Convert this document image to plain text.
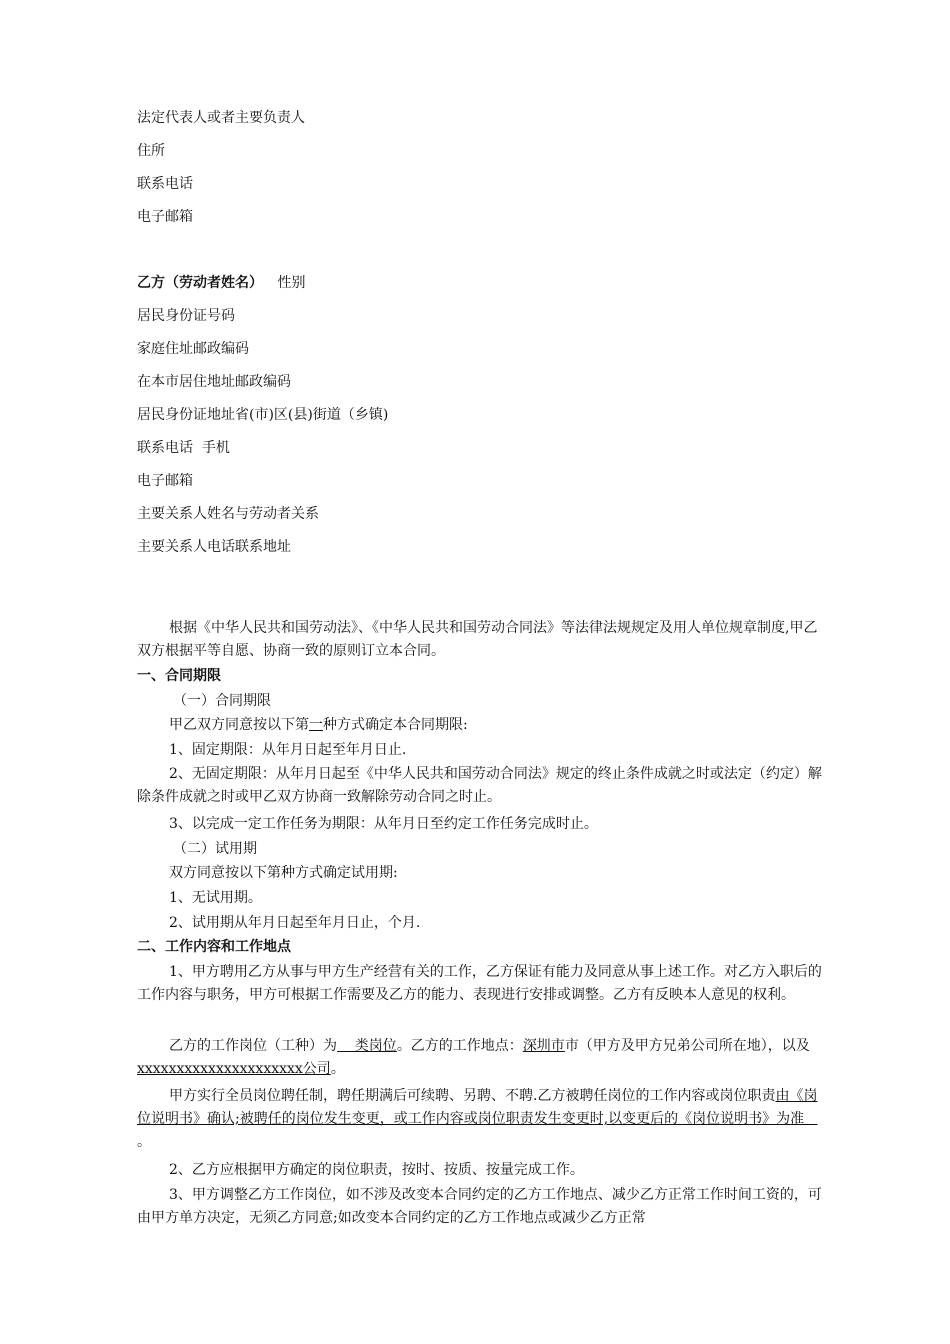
法定代表人或者主要负责人
住所
联系电话
电子邮箱
乙方（劳动者姓名） 性别
居民身份证号码
家庭住址邮政编码
在本市居住地址邮政编码
居民身份证地址省(市)区(县)街道（乡镇)
联系电话  手机
电子邮箱
主要关系人姓名与劳动者关系
主要关系人电话联系地址
根据《中华人民共和国劳动法》、《中华人民共和国劳动合同法》等法律法规规定及用人单位规章制度,甲乙双方根据平等自愿、协商一致的原则订立本合同。
一、合同期限
（一）合同期限
甲乙双方同意按以下第一种方式确定本合同期限:
1、固定期限：从年月日起至年月日止.
2、无固定期限：从年月日起至《中华人民共和国劳动合同法》规定的终止条件成就之时或法定（约定）解除条件成就之时或甲乙双方协商一致解除劳动合同之时止。
3、以完成一定工作任务为期限：从年月日至约定工作任务完成时止。
（二）试用期
双方同意按以下第种方式确定试用期:
1、无试用期。
2、试用期从年月日起至年月日止，个月.
二、工作内容和工作地点
1、甲方聘用乙方从事与甲方生产经营有关的工作，乙方保证有能力及同意从事上述工作。对乙方入职后的工作内容与职务，甲方可根据工作需要及乙方的能力、表现进行安排或调整。乙方有反映本人意见的权利。
乙方的工作岗位（工种）为    类岗位。乙方的工作地点：深圳市市（甲方及甲方兄弟公司所在地），以及xxxxxxxxxxxxxxxxxxxxx公司。
甲方实行全员岗位聘任制，聘任期满后可续聘、另聘、不聘.乙方被聘任岗位的工作内容或岗位职责由《岗位说明书》确认;被聘任的岗位发生变更，或工作内容或岗位职责发生变更时,以变更后的《岗位说明书》为准   。
2、乙方应根据甲方确定的岗位职责，按时、按质、按量完成工作。
3、甲方调整乙方工作岗位，如不涉及改变本合同约定的乙方工作地点、减少乙方正常工作时间工资的，可由甲方单方决定，无须乙方同意;如改变本合同约定的乙方工作地点或减少乙方正常
